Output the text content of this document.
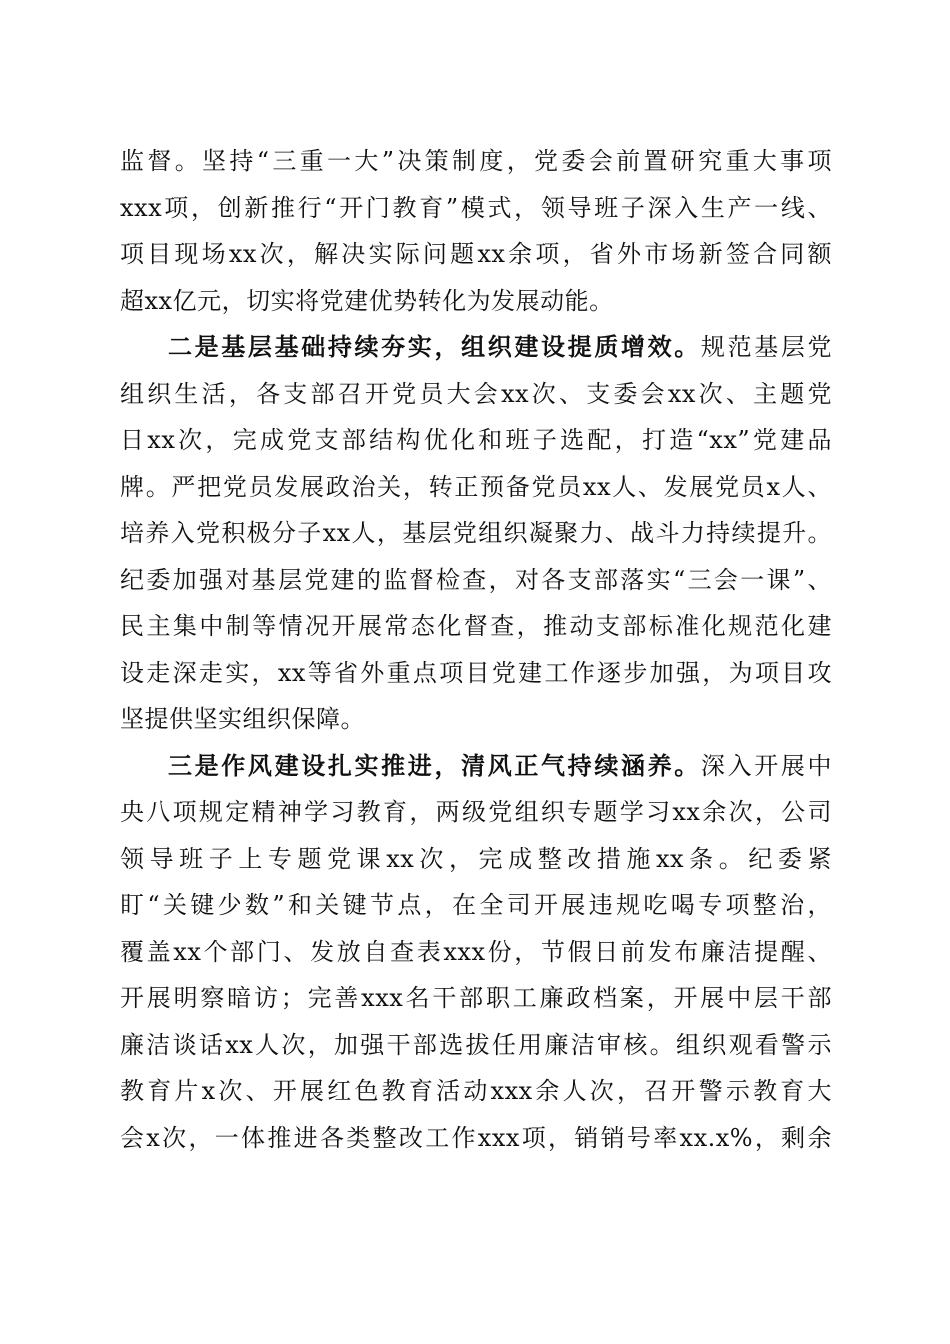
监督。坚持“三重一大”决策制度，党委会前置研究重大事项
xxx项，创新推行“开门教育”模式，领导班子深入生产一线、
项目现场xx次，解决实际问题xx余项，省外市场新签合同额
超xx亿元，切实将党建优势转化为发展动能。
二是基层基础持续夯实，组织建设提质增效。规范基层党
组织生活，各支部召开党员大会xx次、支委会xx次、主题党
日xx次，完成党支部结构优化和班子选配，打造“xx”党建品
牌。严把党员发展政治关，转正预备党员xx人、发展党员x人、
培养入党积极分子xx人，基层党组织凝聚力、战斗力持续提升。
纪委加强对基层党建的监督检查，对各支部落实“三会一课”、
民主集中制等情况开展常态化督查，推动支部标准化规范化建
设走深走实，xx等省外重点项目党建工作逐步加强，为项目攻
坚提供坚实组织保障。
三是作风建设扎实推进，清风正气持续涵养。深入开展中
央八项规定精神学习教育，两级党组织专题学习xx余次，公司
领导班子上专题党课xx次，完成整改措施xx条。纪委紧
盯“关键少数”和关键节点，在全司开展违规吃喝专项整治，
覆盖xx个部门、发放自查表xxx份，节假日前发布廉洁提醒、
开展明察暗访；完善xxx名干部职工廉政档案，开展中层干部
廉洁谈话xx人次，加强干部选拔任用廉洁审核。组织观看警示
教育片x次、开展红色教育活动xxx余人次，召开警示教育大
会x次，一体推进各类整改工作xxx项，销销号率xx.x%，剩余
